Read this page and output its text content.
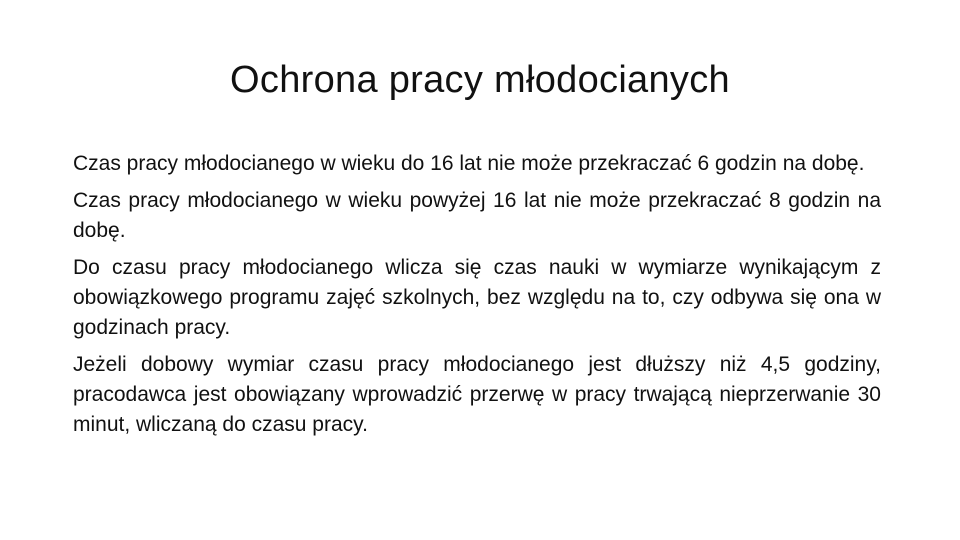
Ochrona pracy młodocianych

Czas pracy młodocianego w wieku do 16 lat nie może przekraczać 6 godzin na dobę.

Czas pracy młodocianego w wieku powyżej 16 lat nie może przekraczać 8 godzin na dobę.

Do czasu pracy młodocianego wlicza się czas nauki w wymiarze wynikającym z obowiązkowego programu zajęć szkolnych, bez względu na to, czy odbywa się ona w godzinach pracy.

Jeżeli dobowy wymiar czasu pracy młodocianego jest dłuższy niż 4,5 godziny, pracodawca jest obowiązany wprowadzić przerwę w pracy trwającą nieprzerwanie 30 minut, wliczaną do czasu pracy.
